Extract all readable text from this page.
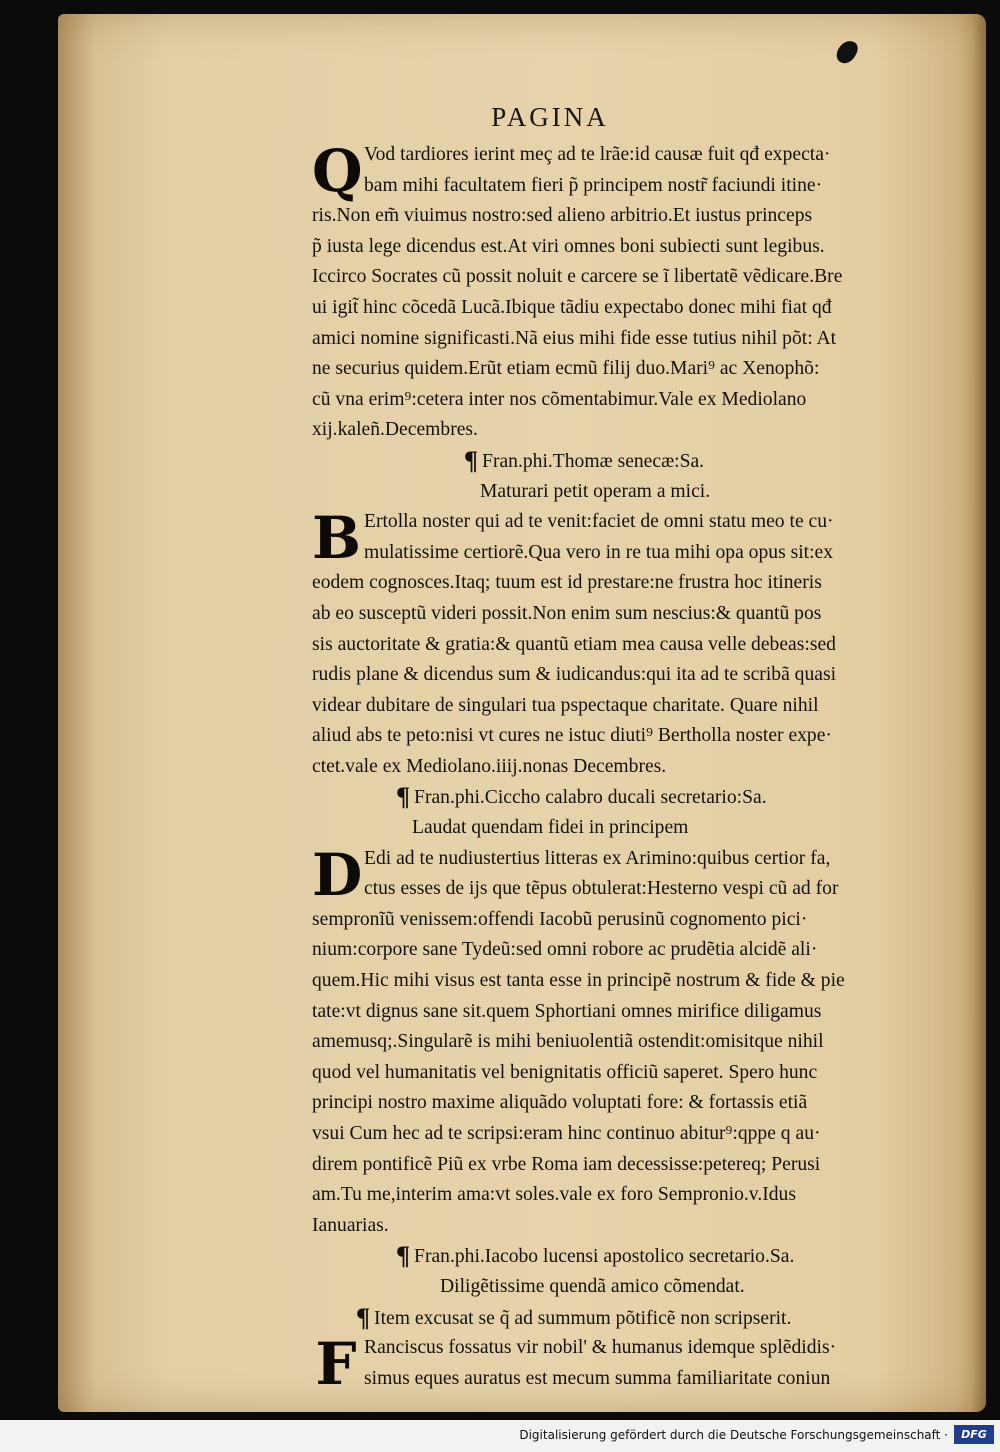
PAGINA
Q Vod tardiores ierint meç ad te lrãe:id causæ fuit qđ expecta·
bam mihi facultatem fieri p̃ principem nostr̃ faciundi itine·
ris.Non em̃ viuimus nostro:sed alieno arbitrio.Et iustus princeps
p̃ iusta lege dicendus est.At viri omnes boni subiecti sunt legibus.
Iccirco Socrates cũ possit noluit e carcere se ĩ libertatẽ vẽdicare.Bre
ui igit̃ hinc cõcedã Lucã.Ibique tãdiu expectabo donec mihi fiat qđ
amici nomine significasti.Nã eius mihi fide esse tutius nihil põt: At
ne securius quidem.Erũt etiam ecmũ filij duo.Mari⁹ ac Xenophõ:
cũ vna erim⁹:cetera inter nos cõmentabimur.Vale ex Mediolano
xij.kaleñ.Decembres.
¶ Fran.phi.Thomæ senecæ:Sa.
Maturari petit operam a mici.
B Ertolla noster qui ad te venit:faciet de omni statu meo te cu·
mulatissime certiorẽ.Qua vero in re tua mihi opa opus sit:ex
eodem cognosces.Itaq; tuum est id prestare:ne frustra hoc itineris
ab eo susceptũ videri possit.Non enim sum nescius:& quantũ pos
sis auctoritate & gratia:& quantũ etiam mea causa velle debeas:sed
rudis plane & dicendus sum & iudicandus:qui ita ad te scribã quasi
videar dubitare de singulari tua pspectaque charitate. Quare nihil
aliud abs te peto:nisi vt cures ne istuc diuti⁹ Bertholla noster expe·
ctet.vale ex Mediolano.iiij.nonas Decembres.
¶ Fran.phi.Ciccho calabro ducali secretario:Sa.
Laudat quendam fidei in principem
D Edi ad te nudiustertius litteras ex Arimino:quibus certior fa,
ctus esses de ijs que tẽpus obtulerat:Hesterno vespi cũ ad for
sempronĩũ venissem:offendi Iacobũ perusinũ cognomento pici·
nium:corpore sane Tydeũ:sed omni robore ac prudẽtia alcidẽ ali·
quem.Hic mihi visus est tanta esse in principẽ nostrum & fide & pie
tate:vt dignus sane sit.quem Sphortiani omnes mirifice diligamus
amemusq;.Singularẽ is mihi beniuolentiã ostendit:omisitque nihil
quod vel humanitatis vel benignitatis officiũ saperet. Spero hunc
principi nostro maxime aliquãdo voluptati fore: & fortassis etiã
vsui Cum hec ad te scripsi:eram hinc continuo abitur⁹:qppe q au·
direm pontificẽ Piũ ex vrbe Roma iam decessisse:petereq; Perusi
am.Tu me,interim ama:vt soles.vale ex foro Sempronio.v.Idus
Ianuarias.
¶ Fran.phi.Iacobo lucensi apostolico secretario.Sa.
Diligẽtissime quendã amico cõmendat.
¶ Item excusat se q̃ ad summum põtificẽ non scripserit.
F Ranciscus fossatus vir nobil' & humanus idemque splẽdidis·
simus eques auratus est mecum summa familiaritate coniun
Digitalisierung gefördert durch die Deutsche Forschungsgemeinschaft ·	DFG
